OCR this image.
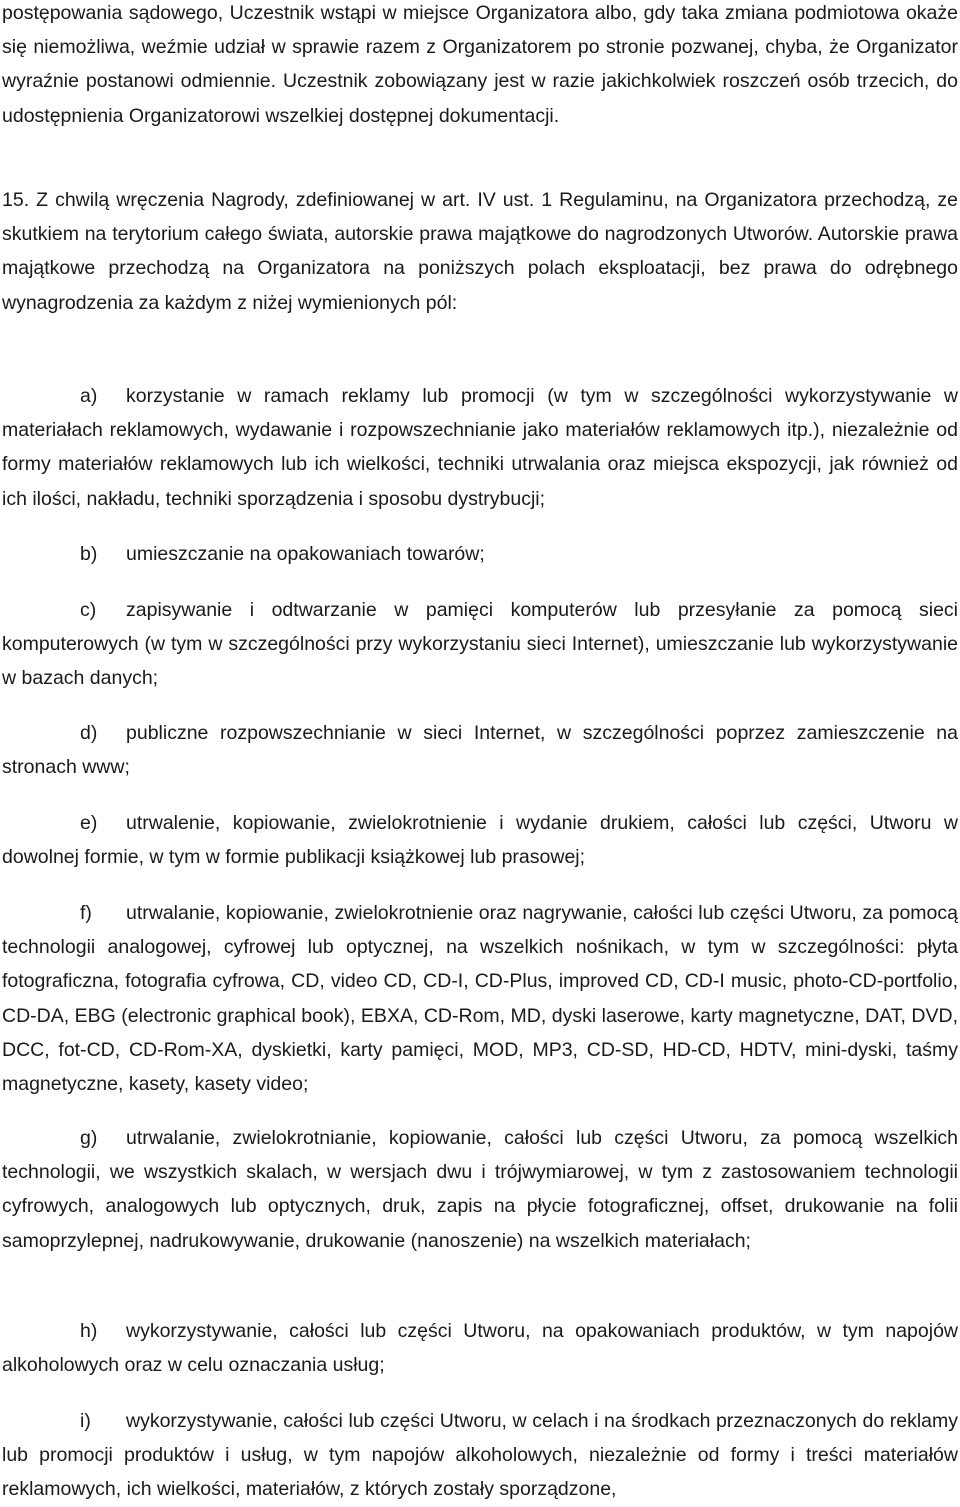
postępowania sądowego, Uczestnik wstąpi w miejsce Organizatora albo, gdy taka zmiana podmiotowa okaże się niemożliwa, weźmie udział w sprawie razem z Organizatorem po stronie pozwanej, chyba, że Organizator wyraźnie postanowi odmiennie. Uczestnik zobowiązany jest w razie jakichkolwiek roszczeń osób trzecich, do udostępnienia Organizatorowi wszelkiej dostępnej dokumentacji.

15. Z chwilą wręczenia Nagrody, zdefiniowanej w art. IV ust. 1 Regulaminu, na Organizatora przechodzą, ze skutkiem na terytorium całego świata, autorskie prawa majątkowe do nagrodzonych Utworów. Autorskie prawa majątkowe przechodzą na Organizatora na poniższych polach eksploatacji, bez prawa do odrębnego wynagrodzenia za każdym z niżej wymienionych pól:

a) korzystanie w ramach reklamy lub promocji (w tym w szczególności wykorzystywanie w materiałach reklamowych, wydawanie i rozpowszechnianie jako materiałów reklamowych itp.), niezależnie od formy materiałów reklamowych lub ich wielkości, techniki utrwalania oraz miejsca ekspozycji, jak również od ich ilości, nakładu, techniki sporządzenia i sposobu dystrybucji;

b) umieszczanie na opakowaniach towarów;

c) zapisywanie i odtwarzanie w pamięci komputerów lub przesyłanie za pomocą sieci komputerowych (w tym w szczególności przy wykorzystaniu sieci Internet), umieszczanie lub wykorzystywanie w bazach danych;

d) publiczne rozpowszechnianie w sieci Internet, w szczególności poprzez zamieszczenie na stronach www;

e) utrwalenie, kopiowanie, zwielokrotnienie i wydanie drukiem, całości lub części, Utworu w dowolnej formie, w tym w formie publikacji książkowej lub prasowej;

f) utrwalanie, kopiowanie, zwielokrotnienie oraz nagrywanie, całości lub części Utworu, za pomocą technologii analogowej, cyfrowej lub optycznej, na wszelkich nośnikach, w tym w szczególności: płyta fotograficzna, fotografia cyfrowa, CD, video CD, CD-I, CD-Plus, improved CD, CD-I music, photo-CD-portfolio, CD-DA, EBG (electronic graphical book), EBXA, CD-Rom, MD, dyski laserowe, karty magnetyczne, DAT, DVD, DCC, fot-CD, CD-Rom-XA, dyskietki, karty pamięci, MOD, MP3, CD-SD, HD-CD, HDTV, mini-dyski, taśmy magnetyczne, kasety, kasety video;

g) utrwalanie, zwielokrotnianie, kopiowanie, całości lub części Utworu, za pomocą wszelkich technologii, we wszystkich skalach, w wersjach dwu i trójwymiarowej, w tym z zastosowaniem technologii cyfrowych, analogowych lub optycznych, druk, zapis na płycie fotograficznej, offset, drukowanie na folii samoprzylepnej, nadrukowywanie, drukowanie (nanoszenie) na wszelkich materiałach;

h) wykorzystywanie, całości lub części Utworu, na opakowaniach produktów, w tym napojów alkoholowych oraz w celu oznaczania usług;

i) wykorzystywanie, całości lub części Utworu, w celach i na środkach przeznaczonych do reklamy lub promocji produktów i usług, w tym napojów alkoholowych, niezależnie od formy i treści materiałów reklamowych, ich wielkości, materiałów, z których zostały sporządzone,
